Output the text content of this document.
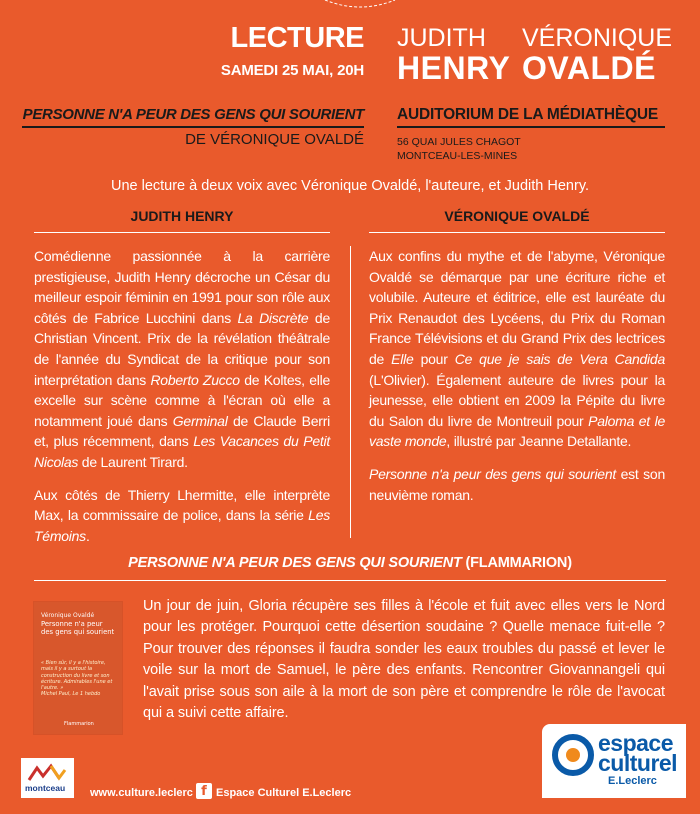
LECTURE
SAMEDI 25 MAI, 20H
JUDITH
HENRY
VÉRONIQUE
OVALDÉ
PERSONNE N'A PEUR DES GENS QUI SOURIENT
DE VÉRONIQUE OVALDÉ
AUDITORIUM DE LA MÉDIATHÈQUE
56 QUAI JULES CHAGOT
MONTCEAU-LES-MINES
Une lecture à deux voix avec Véronique Ovaldé, l'auteure, et Judith Henry.
JUDITH HENRY	VÉRONIQUE OVALDÉ

Comédienne passionnée à la carrière prestigieuse, Judith Henry décroche un César du meilleur espoir féminin en 1991 pour son rôle aux côtés de Fabrice Lucchini dans La Discrète de Christian Vincent. Prix de la révélation théâtrale de l'année du Syndicat de la critique pour son interprétation dans Roberto Zucco de Koltes, elle excelle sur scène comme à l'écran où elle a notamment joué dans Germinal de Claude Berri et, plus récemment, dans Les Vacances du Petit Nicolas de Laurent Tirard.

Aux côtés de Thierry Lhermitte, elle interprète Max, la commissaire de police, dans la série Les Témoins.

Aux confins du mythe et de l'abyme, Véronique Ovaldé se démarque par une écriture riche et volubile. Auteure et éditrice, elle est lauréate du Prix Renaudot des Lycéens, du Prix du Roman France Télévisions et du Grand Prix des lectrices de Elle pour Ce que je sais de Vera Candida (L'Olivier). Également auteure de livres pour la jeunesse, elle obtient en 2009 la Pépite du livre du Salon du livre de Montreuil pour Paloma et le vaste monde, illustré par Jeanne Detallante.

Personne n'a peur des gens qui sourient est son neuvième roman.

PERSONNE N'A PEUR DES GENS QUI SOURIENT (FLAMMARION)
Véronique Ovaldé
Personne n'a peur des gens qui sourient
« Bien sûr, il y a l'histoire, mais il y a surtout la construction du livre et son écriture. Admirables l'une et l'autre. »
Michel Paul, Le 1 hebdo
Flammarion
Un jour de juin, Gloria récupère ses filles à l'école et fuit avec elles vers le Nord pour les protéger. Pourquoi cette désertion soudaine ? Quelle menace fuit-elle ? Pour trouver des réponses il faudra sonder les eaux troubles du passé et lever le voile sur la mort de Samuel, le père des enfants. Rencontrer Giovannangeli qui l'avait prise sous son aile à la mort de son père et comprendre le rôle de l'avocat qui a suivi cette affaire.
montceau www.culture.leclerc f Espace Culturel E.Leclerc
espace
culturel
E.Leclerc
